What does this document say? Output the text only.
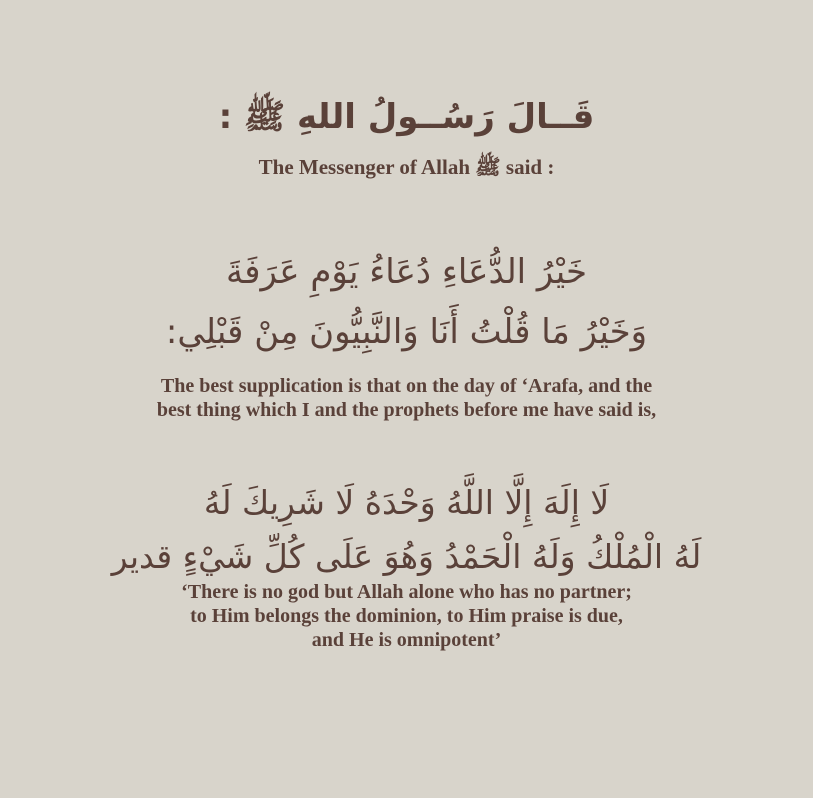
قَــالَ رَسُــولُ اللهِ ﷺ :
The Messenger of Allah ﷺ said :
خَيْرُ الدُّعَاءِ دُعَاءُ يَوْمِ عَرَفَةَ
وَخَيْرُ مَا قُلْتُ أَنَا وَالنَّبِيُّونَ مِنْ قَبْلِي:
The best supplication is that on the day of ‘Arafa, and the
best thing which I and the prophets before me have said is,
لَا إِلَهَ إِلَّا اللَّهُ وَحْدَهُ لَا شَرِيكَ لَهُ
لَهُ الْمُلْكُ وَلَهُ الْحَمْدُ وَهُوَ عَلَى كُلِّ شَيْءٍ قدير
‘There is no god but Allah alone who has no partner;
to Him belongs the dominion, to Him praise is due,
and He is omnipotent’
